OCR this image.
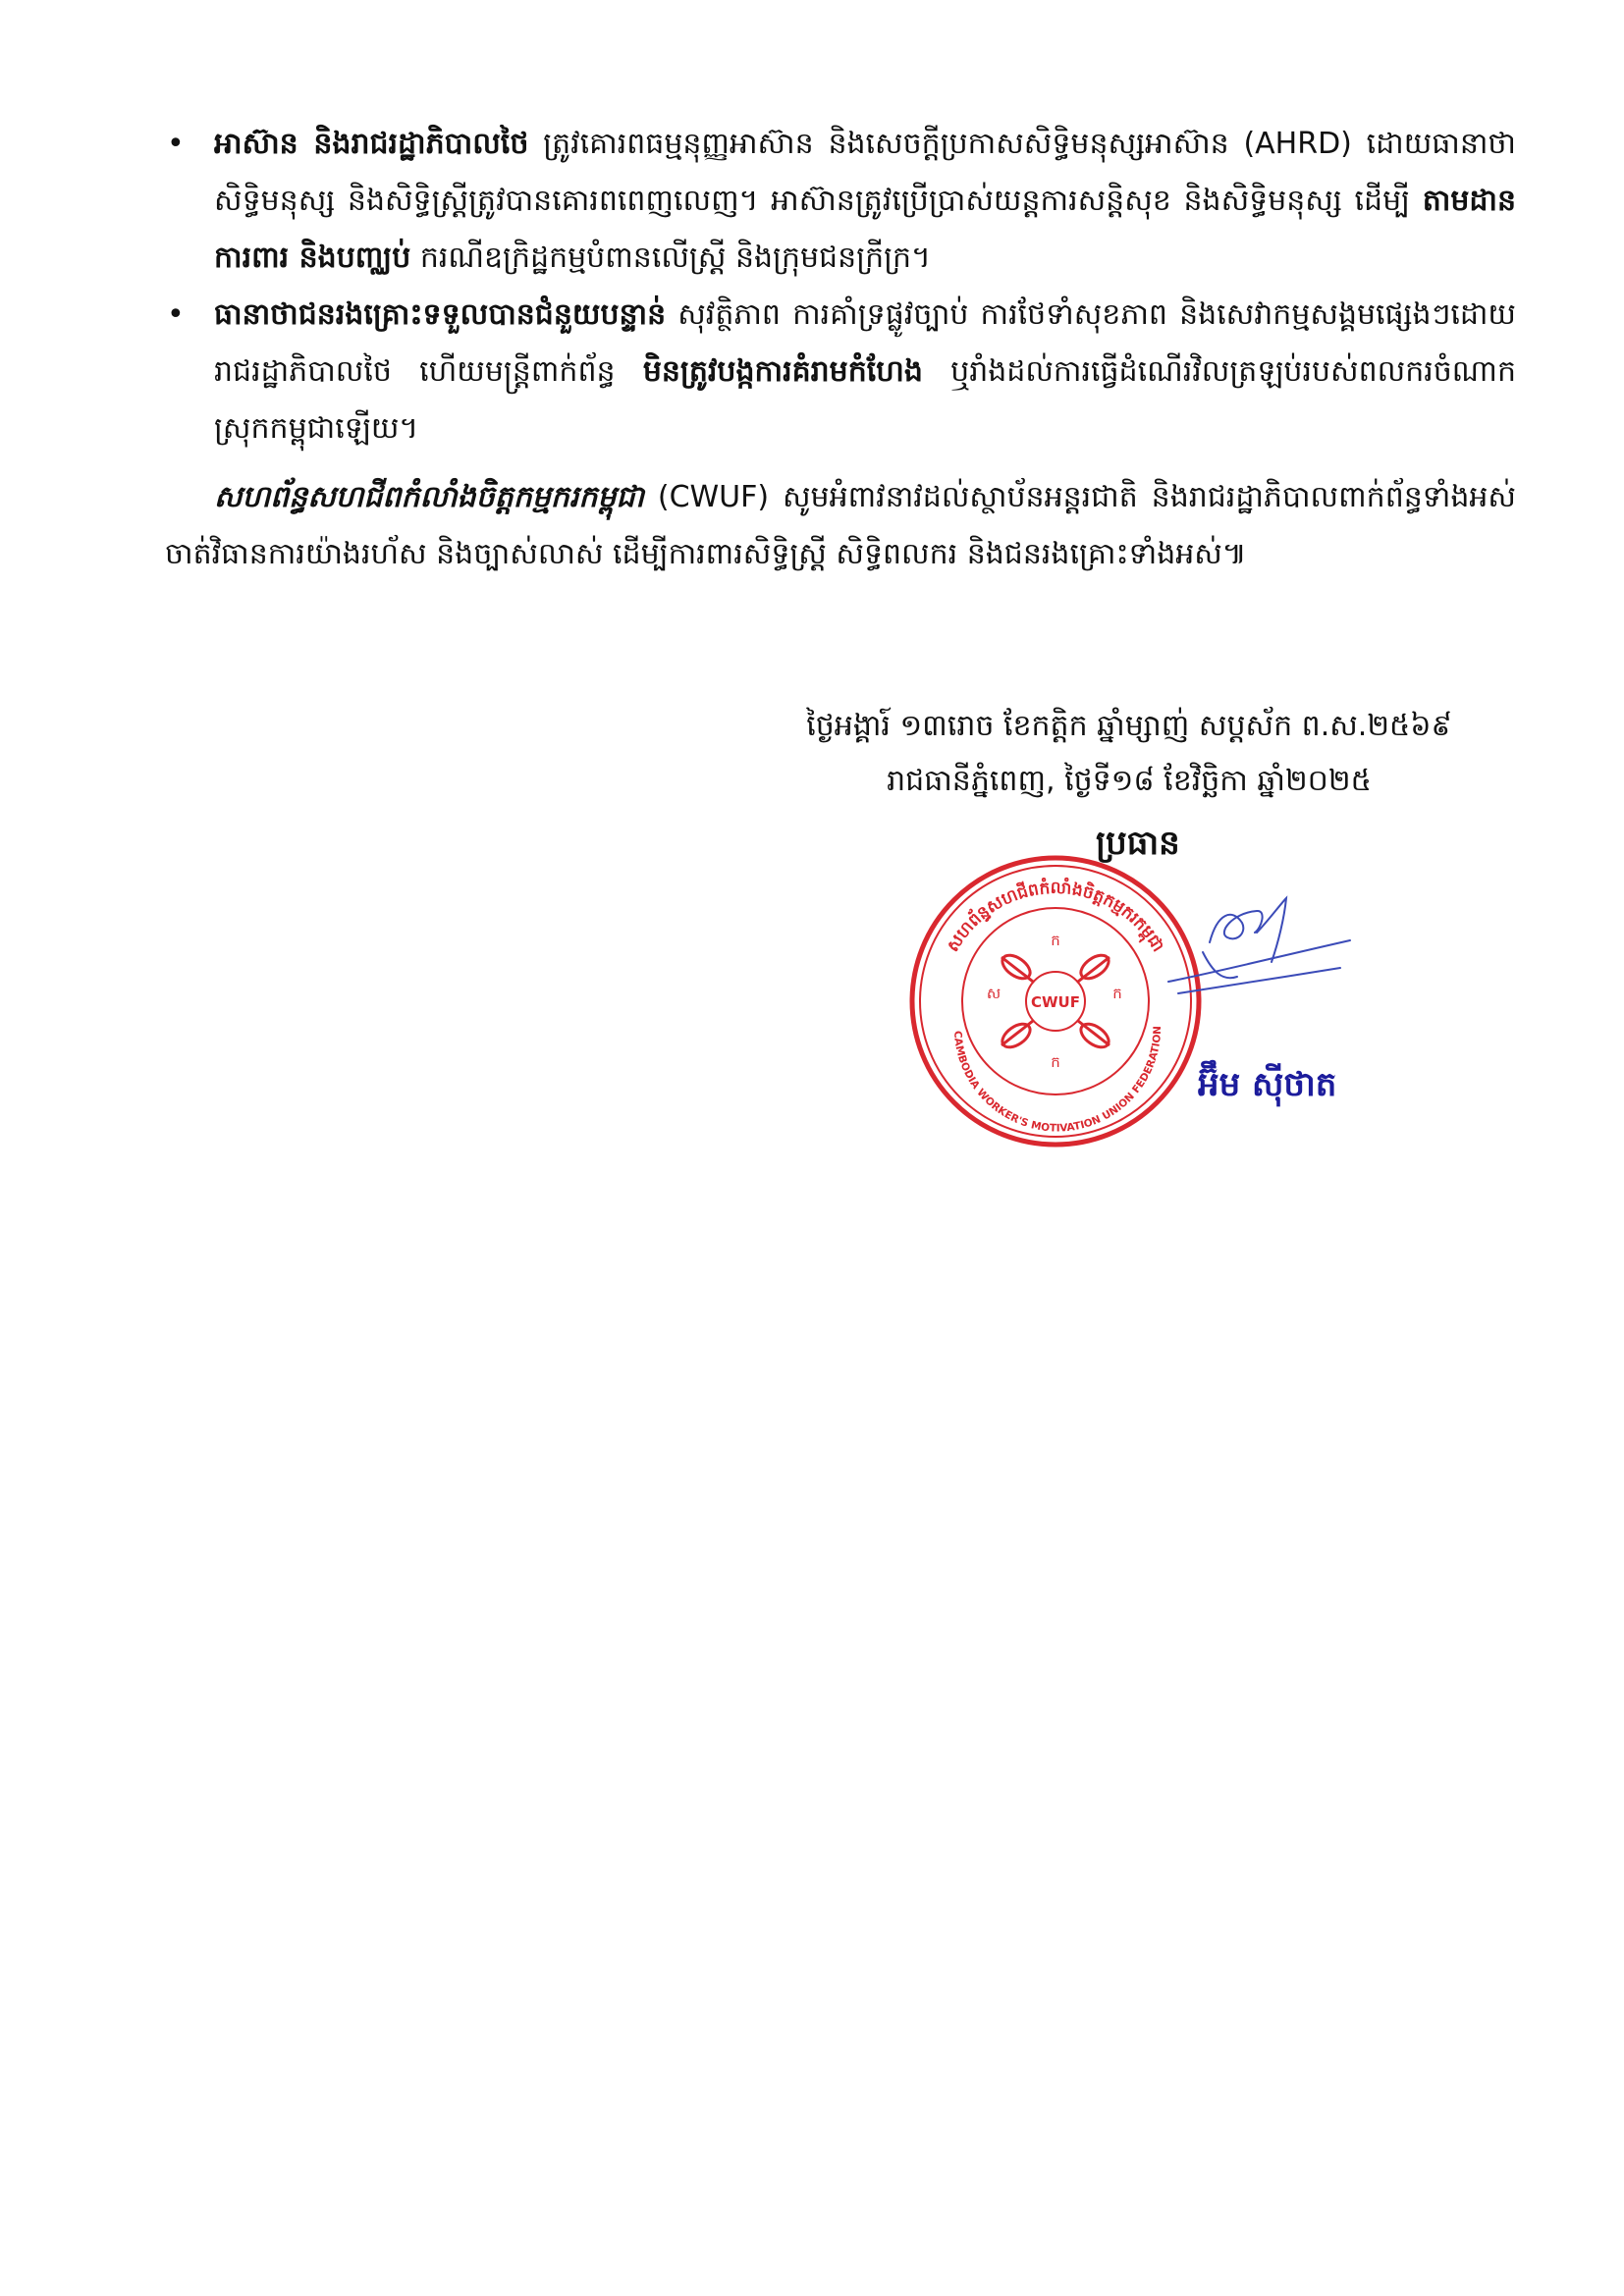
• អាស៊ាន និងរាជរដ្ឋាភិបាលថៃ ត្រូវគោរពធម្មនុញ្ញអាស៊ាន និងសេចក្តីប្រកាសសិទ្ធិមនុស្សអាស៊ាន (AHRD) ដោយធានាថាសិទ្ធិមនុស្ស និងសិទ្ធិស្ត្រីត្រូវបានគោរពពេញលេញ។ អាស៊ានត្រូវប្រើប្រាស់យន្តការសន្តិសុខ និងសិទ្ធិមនុស្ស ដើម្បី តាមដាន ការពារ និងបញ្ឈប់ ករណីឧក្រិដ្ឋកម្មបំពានលើស្ត្រី និងក្រុមជនក្រីក្រ។
• ធានាថាជនរងគ្រោះទទួលបានជំនួយបន្ទាន់ សុវត្ថិភាព ការគាំទ្រផ្លូវច្បាប់ ការថែទាំសុខភាព និងសេវាកម្មសង្គមផ្សេងៗដោយរាជរដ្ឋាភិបាលថៃ ហើយមន្ត្រីពាក់ព័ន្ធ មិនត្រូវបង្កការគំរាមកំហែង ឬរាំងដល់ការធ្វើដំណើរវិលត្រឡប់របស់ពលករចំណាកស្រុកកម្ពុជាឡើយ។

សហព័ន្ធសហជីពកំលាំងចិត្តកម្មករកម្ពុជា (CWUF) សូមអំពាវនាវដល់ស្ថាប័នអន្តរជាតិ និងរាជរដ្ឋាភិបាលពាក់ព័ន្ធទាំងអស់ ចាត់វិធានការយ៉ាងរហ័ស និងច្បាស់លាស់ ដើម្បីការពារសិទ្ធិស្ត្រី សិទ្ធិពលករ និងជនរងគ្រោះទាំងអស់៕

ថ្ងៃអង្គារ៍ ១៣រោច ខែកត្តិក ឆ្នាំម្សាញ់ សប្តស័ក ព.ស.២៥៦៩
រាជធានីភ្នំពេញ, ថ្ងៃទី១៨ ខែវិច្ឆិកា ឆ្នាំ២០២៥
ប្រធាន
សហព័ន្ធសហជីពកំលាំងចិត្តកម្មករកម្ពុជា
CAMBODIA WORKER'S MOTIVATION UNION FEDERATION
CWUF
ស	ក
ក
ក
អ៊ឹម ស៊ីថាត
